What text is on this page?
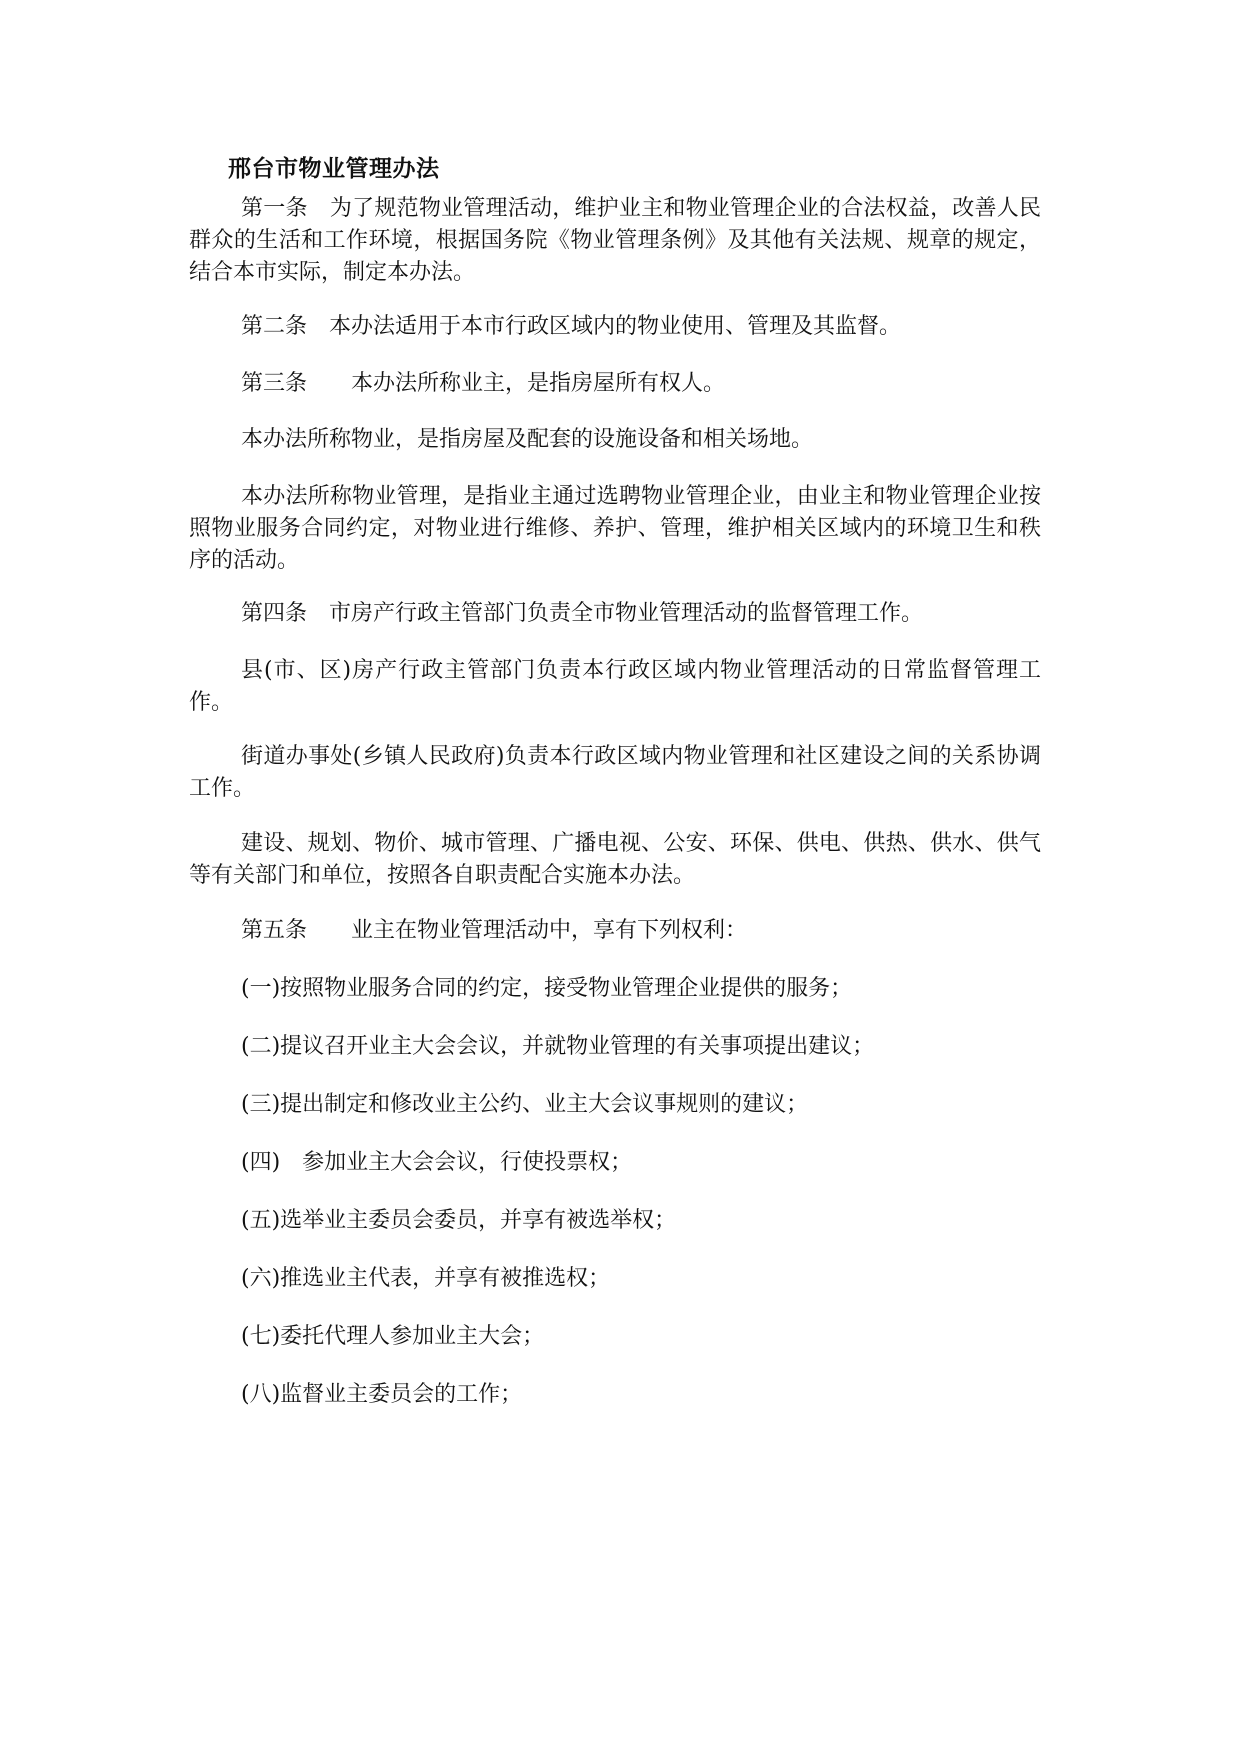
邢台市物业管理办法

第一条　为了规范物业管理活动，维护业主和物业管理企业的合法权益，改善人民群众的生活和工作环境，根据国务院《物业管理条例》及其他有关法规、规章的规定，结合本市实际，制定本办法。

第二条　本办法适用于本市行政区域内的物业使用、管理及其监督。

第三条　　本办法所称业主，是指房屋所有权人。

本办法所称物业，是指房屋及配套的设施设备和相关场地。

本办法所称物业管理，是指业主通过选聘物业管理企业，由业主和物业管理企业按照物业服务合同约定，对物业进行维修、养护、管理，维护相关区域内的环境卫生和秩序的活动。

第四条　市房产行政主管部门负责全市物业管理活动的监督管理工作。

县(市、区)房产行政主管部门负责本行政区域内物业管理活动的日常监督管理工作。

街道办事处(乡镇人民政府)负责本行政区域内物业管理和社区建设之间的关系协调工作。

建设、规划、物价、城市管理、广播电视、公安、环保、供电、供热、供水、供气等有关部门和单位，按照各自职责配合实施本办法。

第五条　　业主在物业管理活动中，享有下列权利：

(一)按照物业服务合同的约定，接受物业管理企业提供的服务；

(二)提议召开业主大会会议，并就物业管理的有关事项提出建议；

(三)提出制定和修改业主公约、业主大会议事规则的建议；

(四)　参加业主大会会议，行使投票权；

(五)选举业主委员会委员，并享有被选举权；

(六)推选业主代表，并享有被推选权；

(七)委托代理人参加业主大会；

(八)监督业主委员会的工作；
